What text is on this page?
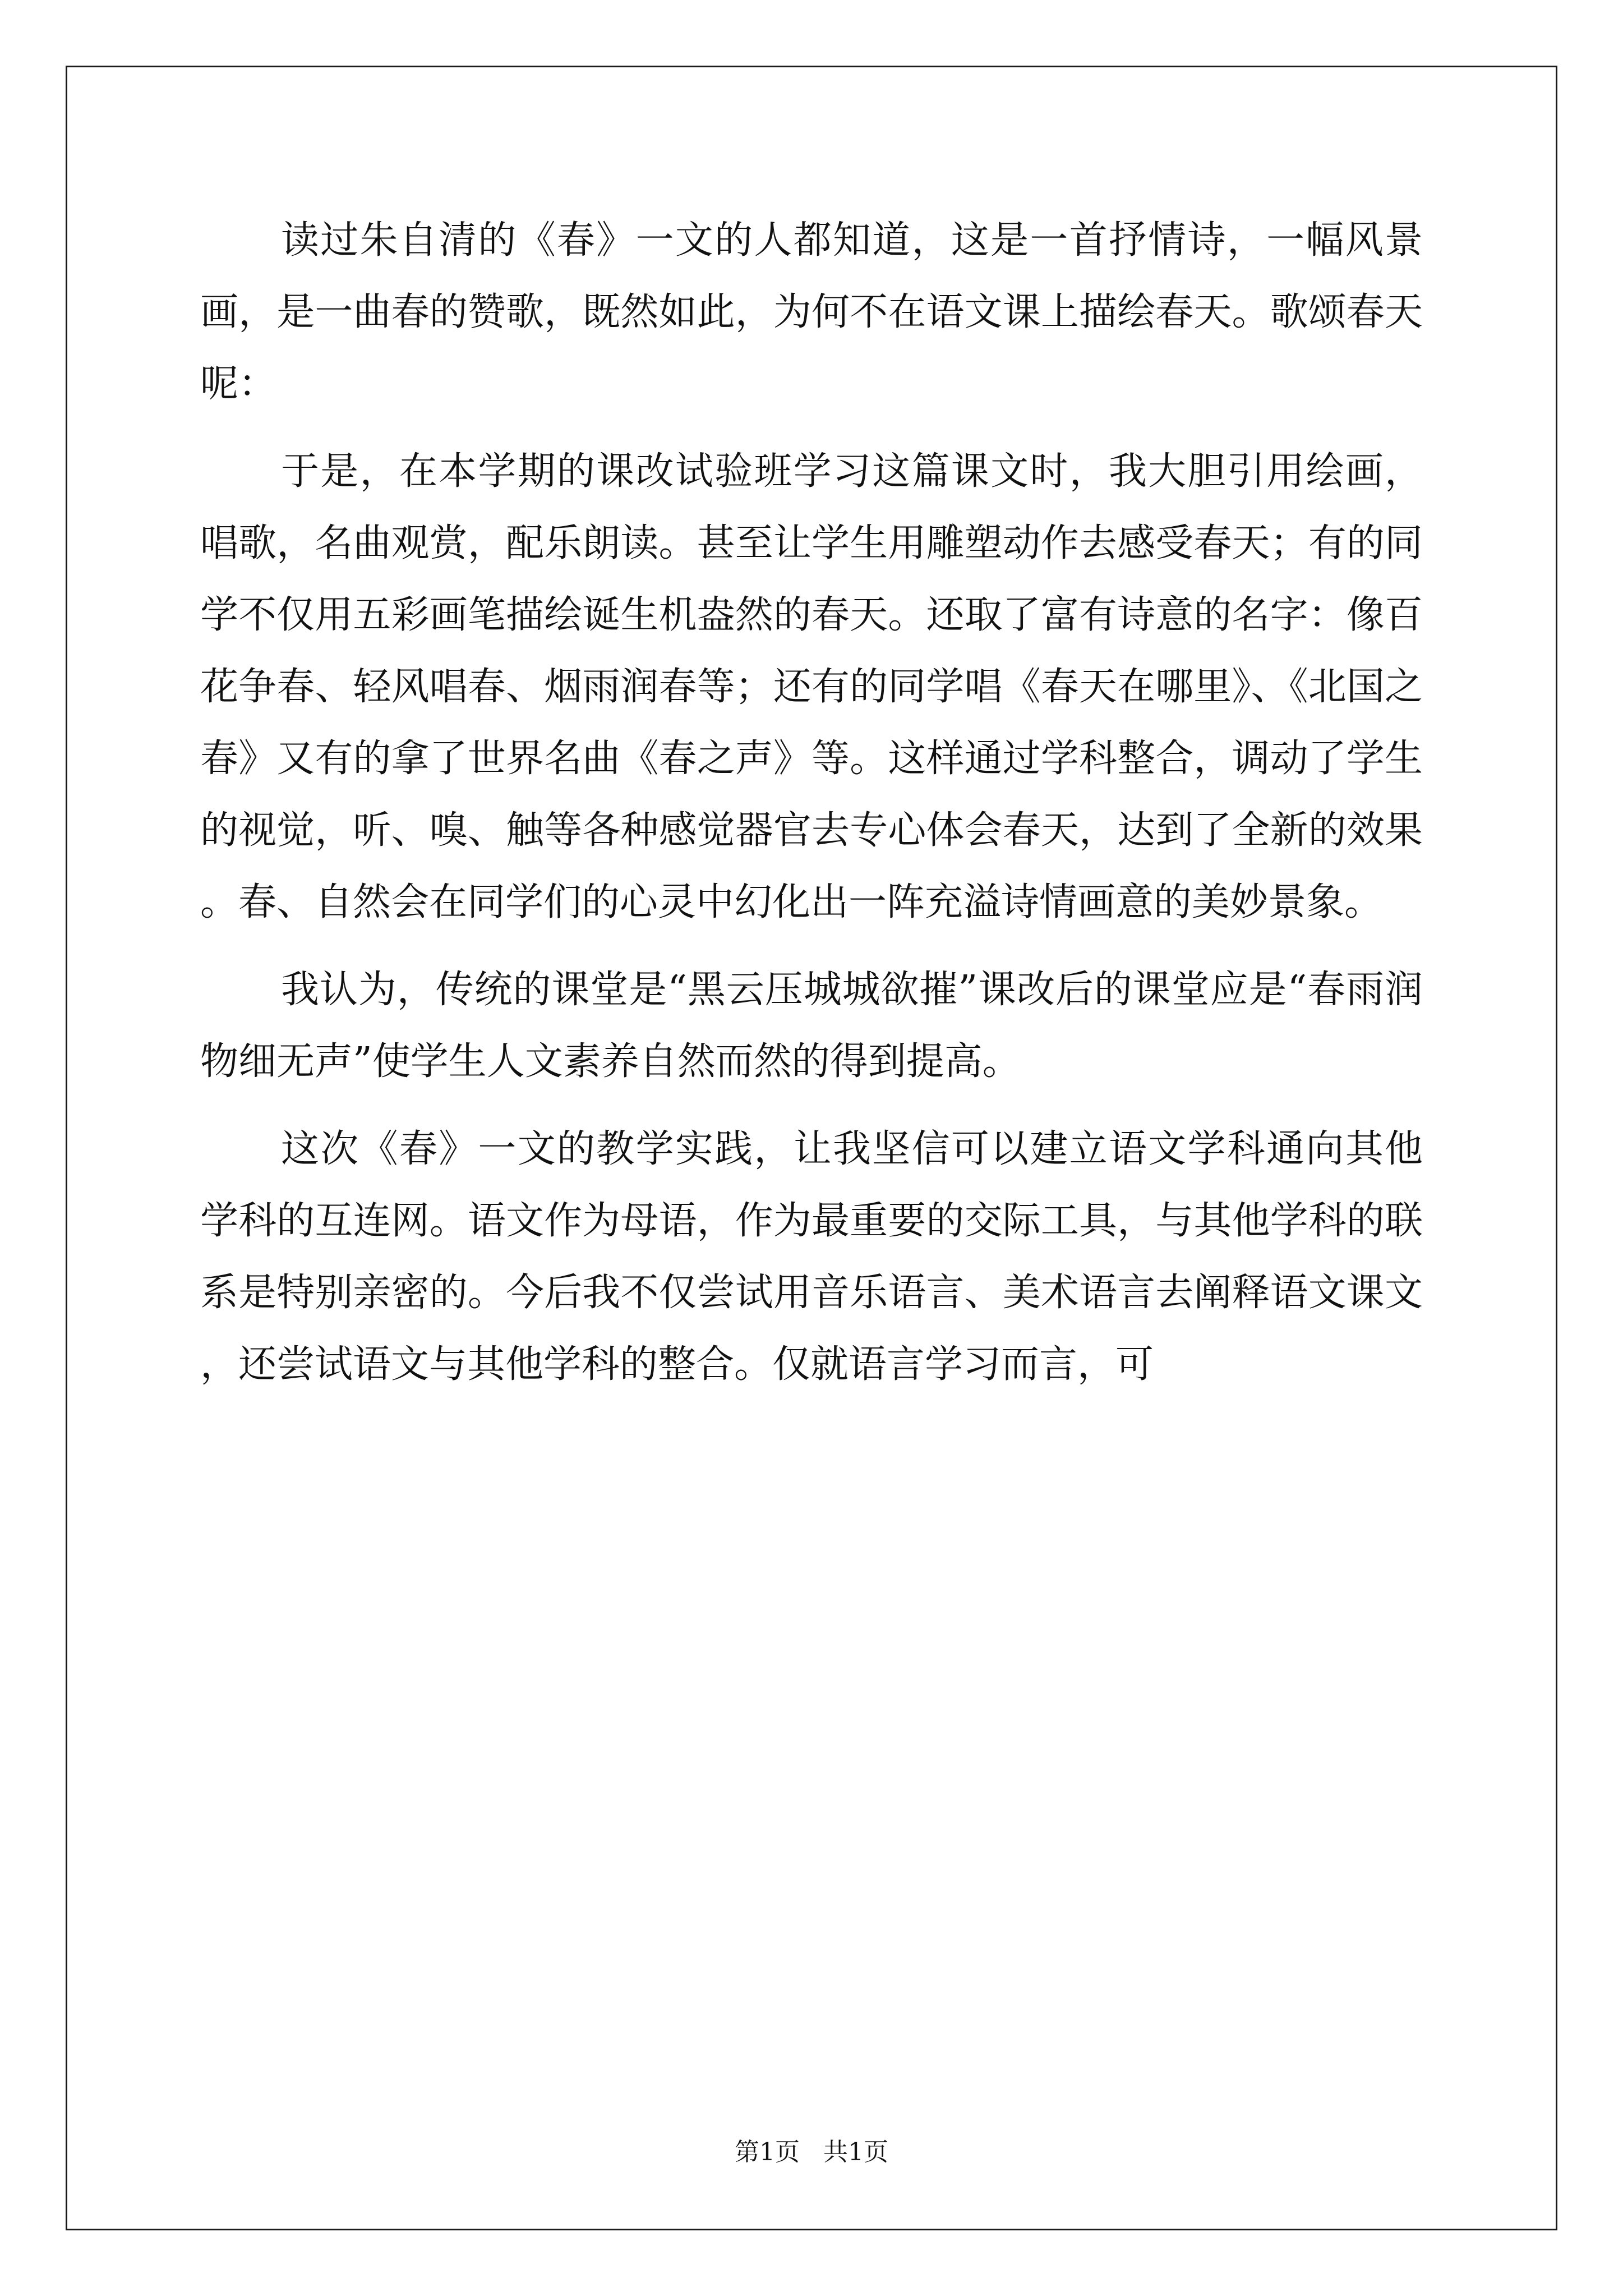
读过朱自清的《春》一文的人都知道，这是一首抒情诗，一幅风景画，是一曲春的赞歌，既然如此，为何不在语文课上描绘春天。歌颂春天呢：

于是，在本学期的课改试验班学习这篇课文时，我大胆引用绘画，唱歌，名曲观赏，配乐朗读。甚至让学生用雕塑动作去感受春天；有的同学不仅用五彩画笔描绘诞生机盎然的春天。还取了富有诗意的名字：像百花争春、轻风唱春、烟雨润春等；还有的同学唱《春天在哪里》、《北国之春》又有的拿了世界名曲《春之声》等。这样通过学科整合，调动了学生的视觉，听、嗅、触等各种感觉器官去专心体会春天，达到了全新的效果。春、自然会在同学们的心灵中幻化出一阵充溢诗情画意的美妙景象。

我认为，传统的课堂是“黑云压城城欲摧”课改后的课堂应是“春雨润物细无声”使学生人文素养自然而然的得到提高。

这次《春》一文的教学实践，让我坚信可以建立语文学科通向其他学科的互连网。语文作为母语，作为最重要的交际工具，与其他学科的联系是特别亲密的。今后我不仅尝试用音乐语言、美术语言去阐释语文课文，还尝试语文与其他学科的整合。仅就语言学习而言，可

第1页 共1页
